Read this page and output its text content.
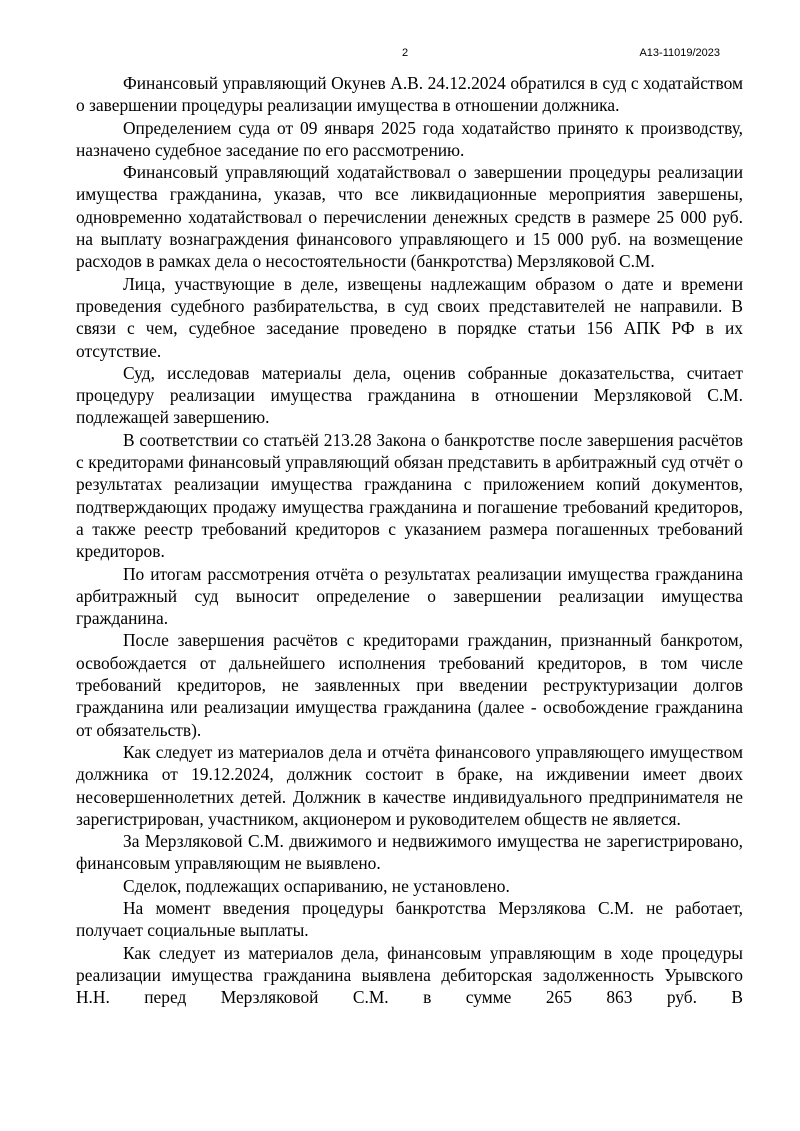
2	А13-11019/2023

Финансовый управляющий Окунев А.В. 24.12.2024 обратился в суд с ходатайством о завершении процедуры реализации имущества в отношении должника.

Определением суда от 09 января 2025 года ходатайство принято к производству, назначено судебное заседание по его рассмотрению.

Финансовый управляющий ходатайствовал о завершении процедуры реализации имущества гражданина, указав, что все ликвидационные мероприятия завершены, одновременно ходатайствовал о перечислении денежных средств в размере 25 000 руб. на выплату вознаграждения финансового управляющего и 15 000 руб. на возмещение расходов в рамках дела о несостоятельности (банкротства) Мерзляковой С.М.

Лица, участвующие в деле, извещены надлежащим образом о дате и времени проведения судебного разбирательства, в суд своих представителей не направили. В связи с чем, судебное заседание проведено в порядке статьи 156 АПК РФ в их отсутствие.

Суд, исследовав материалы дела, оценив собранные доказательства, считает процедуру реализации имущества гражданина в отношении Мерзляковой С.М. подлежащей завершению.

В соответствии со статьёй 213.28 Закона о банкротстве после завершения расчётов с кредиторами финансовый управляющий обязан представить в арбитражный суд отчёт о результатах реализации имущества гражданина с приложением копий документов, подтверждающих продажу имущества гражданина и погашение требований кредиторов, а также реестр требований кредиторов с указанием размера погашенных требований кредиторов.

По итогам рассмотрения отчёта о результатах реализации имущества гражданина арбитражный суд выносит определение о завершении реализации имущества гражданина.

После завершения расчётов с кредиторами гражданин, признанный банкротом, освобождается от дальнейшего исполнения требований кредиторов, в том числе требований кредиторов, не заявленных при введении реструктуризации долгов гражданина или реализации имущества гражданина (далее - освобождение гражданина от обязательств).

Как следует из материалов дела и отчёта финансового управляющего имуществом должника от 19.12.2024, должник состоит в браке, на иждивении имеет двоих несовершеннолетних детей. Должник в качестве индивидуального предпринимателя не зарегистрирован, участником, акционером и руководителем обществ не является.

За Мерзляковой С.М. движимого и недвижимого имущества не зарегистрировано, финансовым управляющим не выявлено.

Сделок, подлежащих оспариванию, не установлено.

На момент введения процедуры банкротства Мерзлякова С.М. не работает, получает социальные выплаты.

Как следует из материалов дела, финансовым управляющим в ходе процедуры реализации имущества гражданина выявлена дебиторская задолженность Урывского Н.Н. перед Мерзляковой С.М. в сумме 265 863 руб. В
